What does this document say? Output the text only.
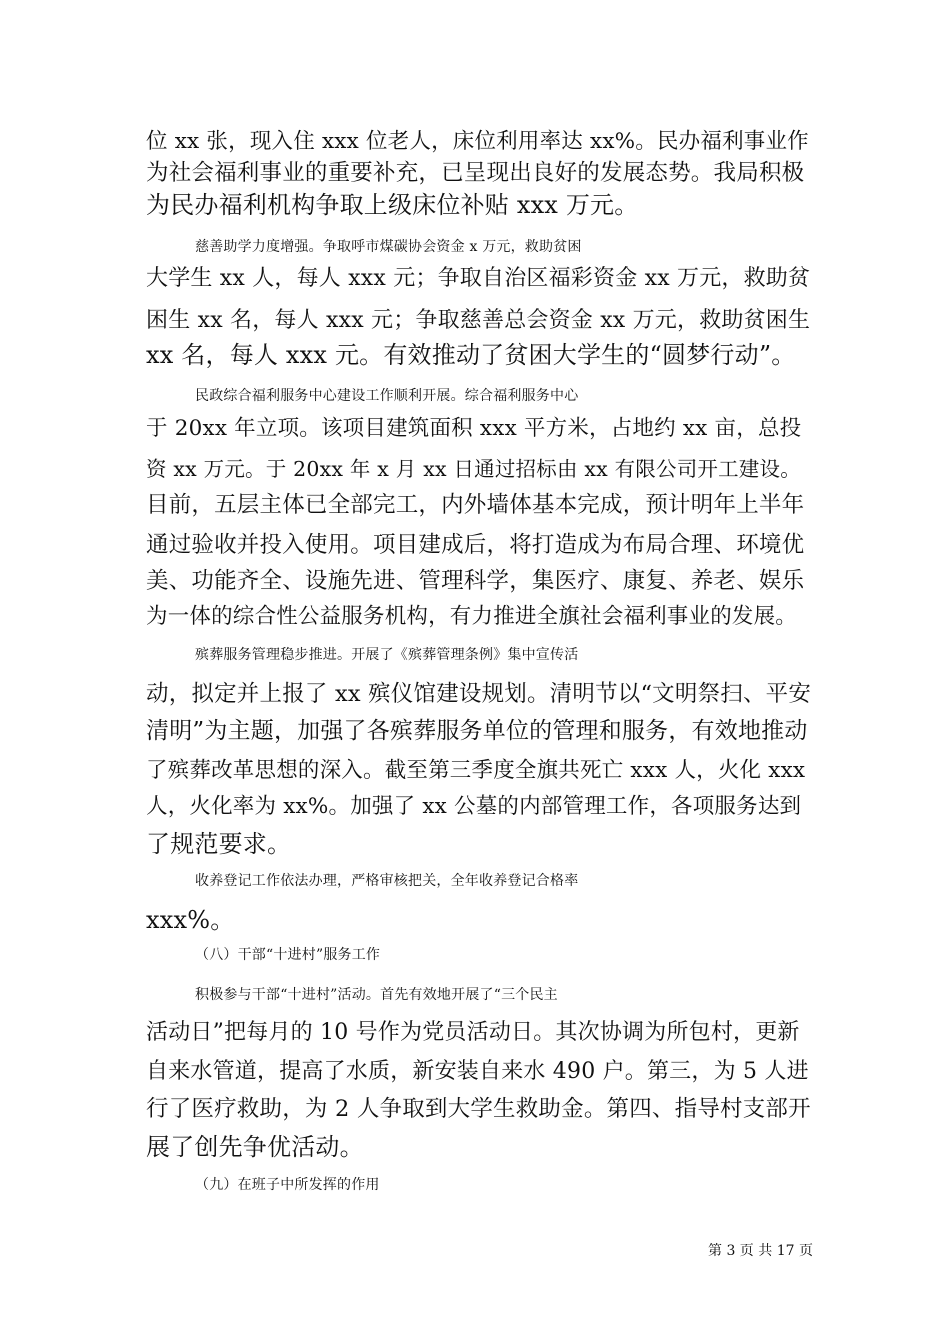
位 xx 张，现入住 xxx 位老人，床位利用率达 xx%。民办福利事业作
为社会福利事业的重要补充，已呈现出良好的发展态势。我局积极
为民办福利机构争取上级床位补贴 xxx 万元。
慈善助学力度增强。争取呼市煤碳协会资金 x 万元，救助贫困
大学生 xx 人，每人 xxx 元；争取自治区福彩资金 xx 万元，救助贫
困生 xx 名，每人 xxx 元；争取慈善总会资金 xx 万元，救助贫困生
xx 名，每人 xxx 元。有效推动了贫困大学生的“圆梦行动”。
民政综合福利服务中心建设工作顺利开展。综合福利服务中心
于 20xx 年立项。该项目建筑面积 xxx 平方米，占地约 xx 亩，总投
资 xx 万元。于 20xx 年 x 月 xx 日通过招标由 xx 有限公司开工建设。
目前，五层主体已全部完工，内外墙体基本完成，预计明年上半年
通过验收并投入使用。项目建成后，将打造成为布局合理、环境优
美、功能齐全、设施先进、管理科学，集医疗、康复、养老、娱乐
为一体的综合性公益服务机构，有力推进全旗社会福利事业的发展。
殡葬服务管理稳步推进。开展了《殡葬管理条例》集中宣传活
动，拟定并上报了 xx 殡仪馆建设规划。清明节以“文明祭扫、平安
清明”为主题，加强了各殡葬服务单位的管理和服务，有效地推动
了殡葬改革思想的深入。截至第三季度全旗共死亡 xxx 人，火化 xxx
人，火化率为 xx%。加强了 xx 公墓的内部管理工作，各项服务达到
了规范要求。
收养登记工作依法办理，严格审核把关，全年收养登记合格率
xxx%。
（八）干部“十进村”服务工作
积极参与干部“十进村”活动。首先有效地开展了“三个民主
活动日”把每月的 10 号作为党员活动日。其次协调为所包村，更新
自来水管道，提高了水质，新安装自来水 490 户。第三，为 5 人进
行了医疗救助，为 2 人争取到大学生救助金。第四、指导村支部开
展了创先争优活动。
（九）在班子中所发挥的作用
第 3 页 共 17 页
